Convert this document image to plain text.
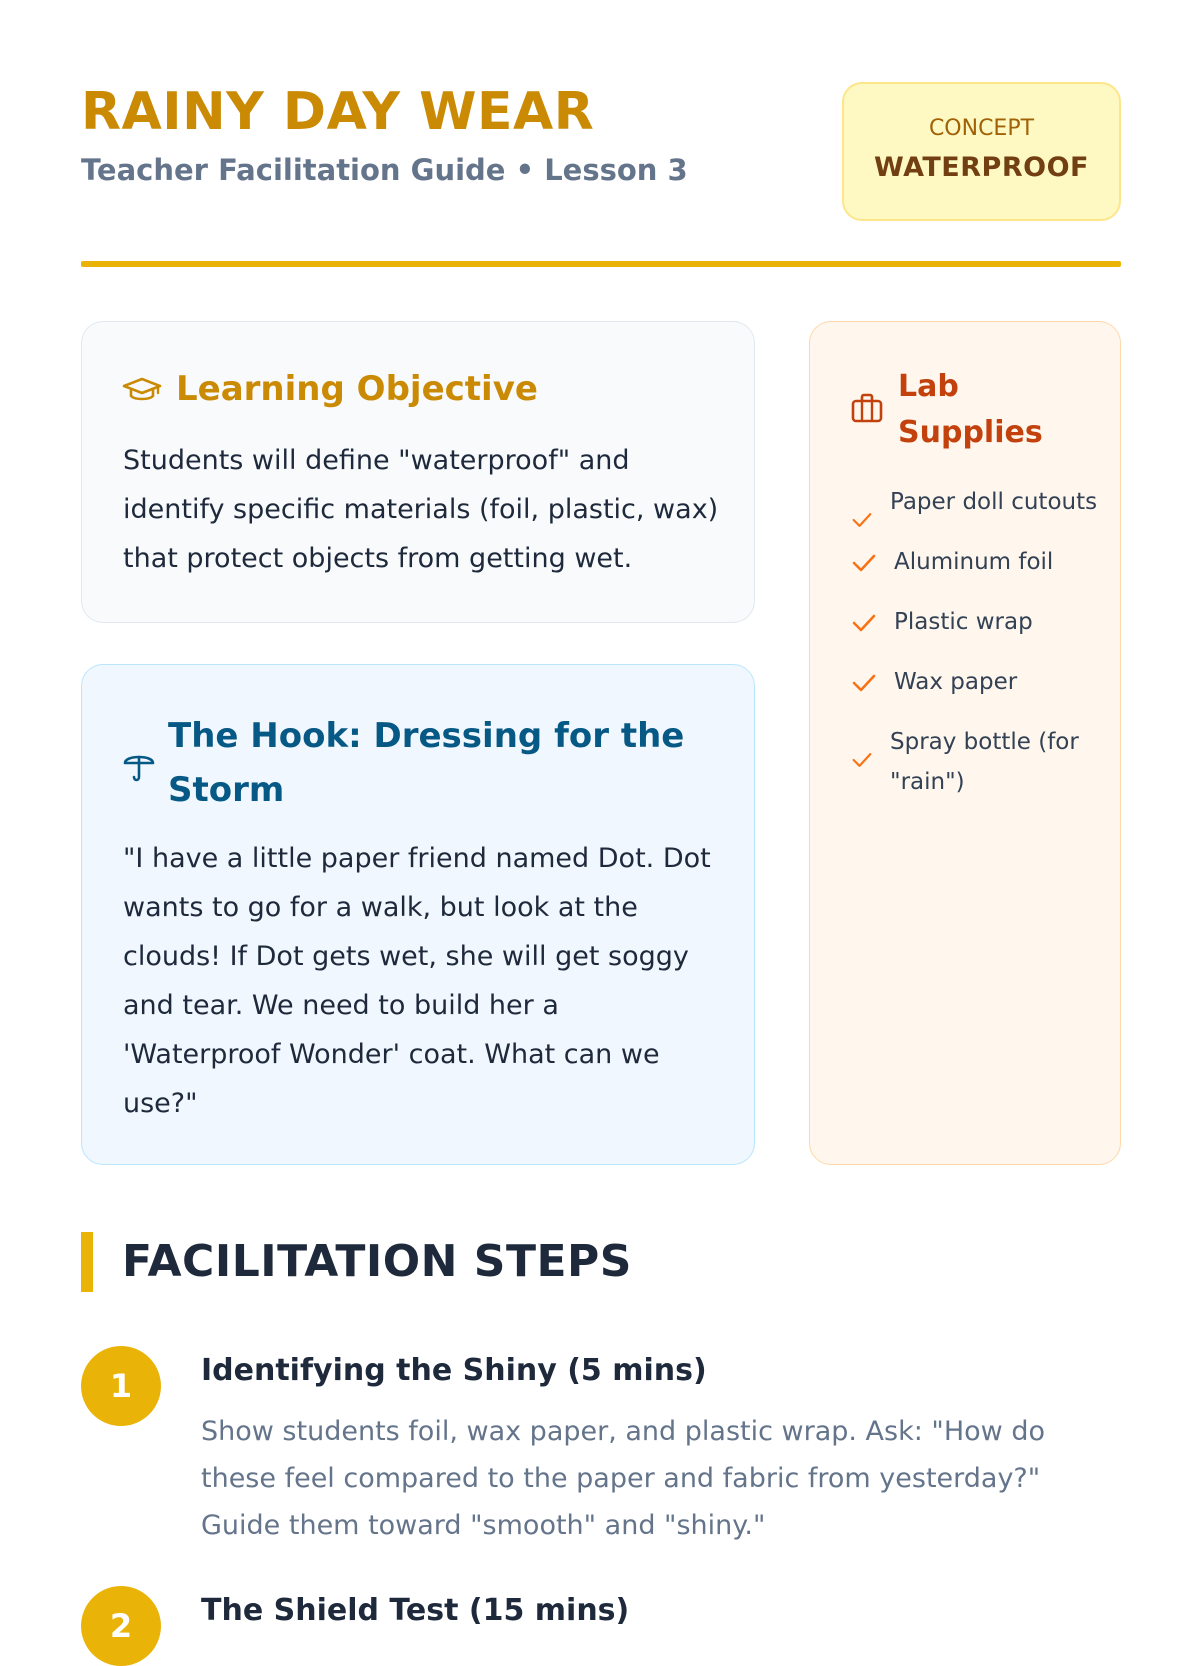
RAINY DAY WEAR
Teacher Facilitation Guide • Lesson 3
CONCEPT
WATERPROOF
Learning Objective
Students will define "waterproof" and identify specific materials (foil, plastic, wax) that protect objects from getting wet.
The Hook: Dressing for the Storm
"I have a little paper friend named Dot. Dot wants to go for a walk, but look at the clouds! If Dot gets wet, she will get soggy and tear. We need to build her a 'Waterproof Wonder' coat. What can we use?"
Lab Supplies
Paper doll cutouts
Aluminum foil
Plastic wrap
Wax paper
Spray bottle (for "rain")
FACILITATION STEPS
1	Identifying the Shiny (5 mins)
Show students foil, wax paper, and plastic wrap. Ask: "How do these feel compared to the paper and fabric from yesterday?" Guide them toward "smooth" and "shiny."
2	The Shield Test (15 mins)
